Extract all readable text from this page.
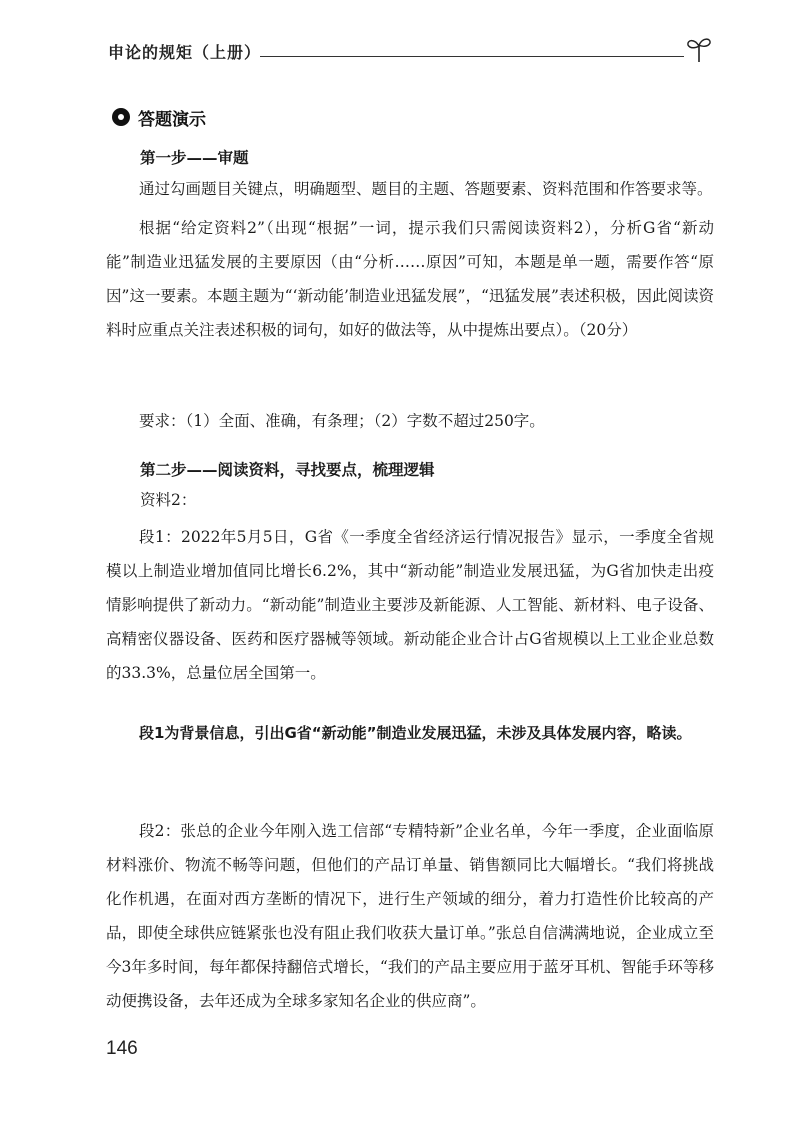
申论的规矩（上册）
答题演示

第一步——审题

通过勾画题目关键点，明确题型、题目的主题、答题要素、资料范围和作答要求等。

根据“给定资料2”（出现“根据”一词，提示我们只需阅读资料2），分析G省“新动能”制造业迅猛发展的主要原因（由“分析……原因”可知，本题是单一题，需要作答“原因”这一要素。本题主题为“‘新动能’制造业迅猛发展”，“迅猛发展”表述积极，因此阅读资料时应重点关注表述积极的词句，如好的做法等，从中提炼出要点）。（20分）

要求：（1）全面、准确，有条理；（2）字数不超过250字。

第二步——阅读资料，寻找要点，梳理逻辑

资料2：

段1：2022年5月5日，G省《一季度全省经济运行情况报告》显示，一季度全省规模以上制造业增加值同比增长6.2%，其中“新动能”制造业发展迅猛，为G省加快走出疫情影响提供了新动力。“新动能”制造业主要涉及新能源、人工智能、新材料、电子设备、高精密仪器设备、医药和医疗器械等领域。新动能企业合计占G省规模以上工业企业总数的33.3%，总量位居全国第一。

段1为背景信息，引出G省“新动能”制造业发展迅猛，未涉及具体发展内容，略读。

段2：张总的企业今年刚入选工信部“专精特新”企业名单，今年一季度，企业面临原材料涨价、物流不畅等问题，但他们的产品订单量、销售额同比大幅增长。“我们将挑战化作机遇，在面对西方垄断的情况下，进行生产领域的细分，着力打造性价比较高的产品，即使全球供应链紧张也没有阻止我们收获大量订单。”张总自信满满地说，企业成立至今3年多时间，每年都保持翻倍式增长，“我们的产品主要应用于蓝牙耳机、智能手环等移动便携设备，去年还成为全球多家知名企业的供应商”。

146
